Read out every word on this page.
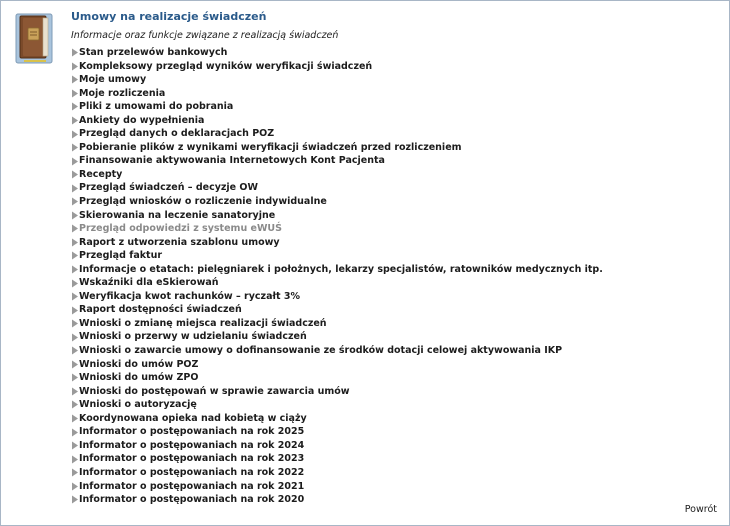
Umowy na realizacje świadczeń
Informacje oraz funkcje związane z realizacją świadczeń
Stan przelewów bankowych
Kompleksowy przegląd wyników weryfikacji świadczeń
Moje umowy
Moje rozliczenia
Pliki z umowami do pobrania
Ankiety do wypełnienia
Przegląd danych o deklaracjach POZ
Pobieranie plików z wynikami weryfikacji świadczeń przed rozliczeniem
Finansowanie aktywowania Internetowych Kont Pacjenta
Recepty
Przegląd świadczeń – decyzje OW
Przegląd wniosków o rozliczenie indywidualne
Skierowania na leczenie sanatoryjne
Przegląd odpowiedzi z systemu eWUŚ
Raport z utworzenia szablonu umowy
Przegląd faktur
Informacje o etatach: pielęgniarek i położnych, lekarzy specjalistów, ratowników medycznych itp.
Wskaźniki dla eSkierowań
Weryfikacja kwot rachunków – ryczałt 3%
Raport dostępności świadczeń
Wnioski o zmianę miejsca realizacji świadczeń
Wnioski o przerwy w udzielaniu świadczeń
Wnioski o zawarcie umowy o dofinansowanie ze środków dotacji celowej aktywowania IKP
Wnioski do umów POZ
Wnioski do umów ZPO
Wnioski do postępowań w sprawie zawarcia umów
Wnioski o autoryzację
Koordynowana opieka nad kobietą w ciąży
Informator o postępowaniach na rok 2025
Informator o postępowaniach na rok 2024
Informator o postępowaniach na rok 2023
Informator o postępowaniach na rok 2022
Informator o postępowaniach na rok 2021
Informator o postępowaniach na rok 2020
Powrót
